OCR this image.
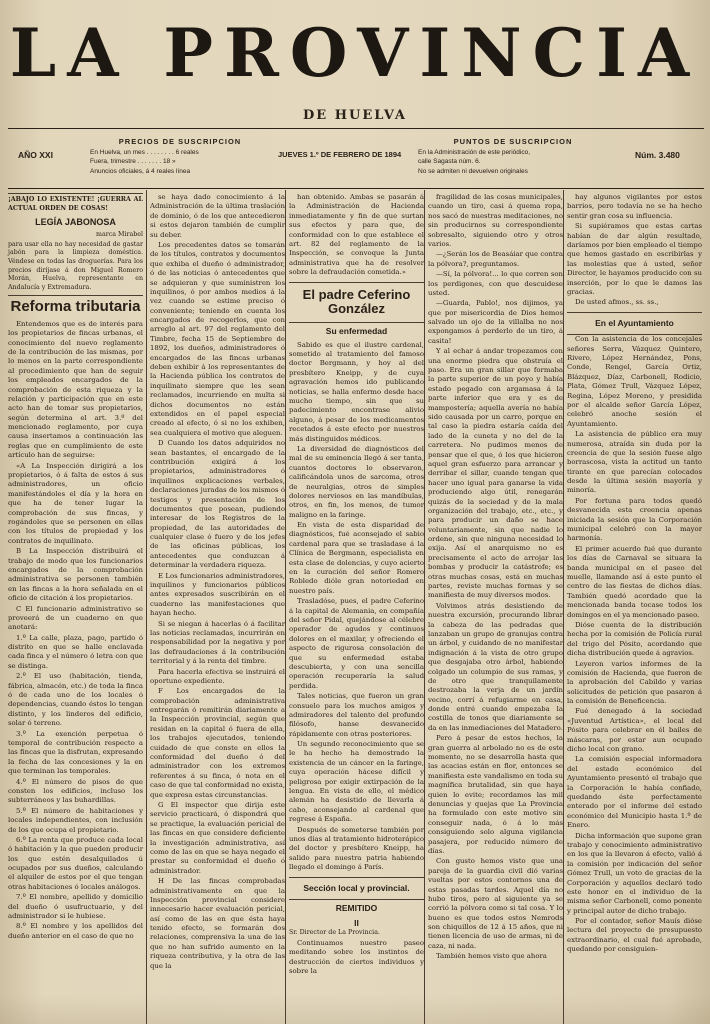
LA PROVINCIA
DE HUELVA
AÑO XXI
PRECIOS DE SUSCRIPCION
En Huelva, un mes . . . . . . . . 6 reales
Fuera, trimestre . . . . . . . 18 »
Anuncios oficiales, á 4 reales línea
JUEVES 1.º DE FEBRERO DE 1894
PUNTOS DE SUSCRIPCION
En la Administración de este periódico,
calle Sagasta núm. 6.
No se admiten ni devuelven originales
Núm. 3.480

¡ABAJO LO EXISTENTE! ¡GUERRA AL ACTUAL ORDEN DE COSAS!

LEGÍA JABONOSA

marca Mirabel

para usar ella no hay necesidad de gastar jabón para la limpieza doméstica. Véndese en todas las droguerías. Para los precios diríjase á don Miguel Romero Morán, Huelva, representante en Andalucía y Extremadura.

Reforma tributaria

Entendemos que es de interés para los propietarios de fincas urbanas, el conocimiento del nuevo reglamento de la contribución de las mismas, por lo menos en la parte correspondiente al procedimiento que han de seguir los empleados encargados de la comprobación de esta riqueza y la relación y participación que en este acto han de tomar sus propietarios, según determina el art. 3.º del mencionado reglamento, por cuya causa insertamos a continuación las reglas que en cumplimiento de este artículo han de seguirse:

«A La Inspección dirigirá a los propietarios, ó á falta de estos á sus administradores, un oficio manifestándoles el día y la hora en que ha de tener lugar la comprobación de sus fincas, y rogándoles que se personen en ellas con los títulos de propiedad y los contratos de inquilinato.

B La Inspección distribuirá el trabajo de modo que los funcionarios encargados de la comprobación administrativa se personen también en las fincas a la hora señalada en el oficio de citación á los propietarios.

C El funcionario administrativo se proveerá de un cuaderno en que anotará:

1.º La calle, plaza, pago, partido ó distrito en que se halle enclavada cada finca y el número ó letra con que se distinga.

2.º El uso (habitación, tienda, fábrica, almacén, etc.) de toda la finca ó de cada uno de los locales ó dependencias, cuando éstos lo tengan distinto, y los linderos del edificio, solar ó terreno.

3.º La exención perpetua ó temporal de contribución respecto a las fincas que la disfrutan, expresando la fecha de las concesiones y la en que terminan las temporales.

4.º El número de pisos de que consten los edificios, incluso los subterráneos y las buhardillas.

5.º El número de habitaciones y locales independientes, con inclusión de los que ocupa el propietario.

6.º La renta que produce cada local ó habitación y la que pueden producir los que estén desalquilados ú ocupados por sus dueños, calculando el alquiler de estos por el que tengan otras habitaciones ó locales análogos.

7.º El nombre, apellido y domicilio del dueño ó usufructuario, y del administrador si le hubiese.

8.º El nombre y los apellidos del dueño anterior en el caso de que no

se haya dado conocimiento á la Administración de la última traslación de dominio, ó de los que antecedieron si estos dejaron también de cumplir su deber.

Los precedentes datos se tomarán de los títulos, contratos y documentos que exhiba el dueño ó administrador, ó de las noticias ó antecedentes que se adquieran y que suministren los inquilinos, ó por ambos medios á la vez cuando se estime preciso ó conveniente; teniendo en cuenta los encargados de recogerlos, que con arreglo al art. 97 del reglamento del Timbre, fecha 15 de Septiembre de 1892, los dueños, administradores ó encargados de las fincas urbanas deben exhibir á los representantes de la Hacienda pública los contratos de inquilinato siempre que les sean reclamados, incurriendo en multa si dichos documentos no están extendidos en el papel especial creado al efecto, ó si no los exhiben, sea cualquiera el motivo que aleguen.

D Cuando los datos adquiridos no sean bastantes, el encargado de la contribución exigirá á los propietarios, administradores ó inquilinos explicaciones verbales, declaraciones juradas de los mismos ó testigos y presentación de los documentos que posean, pudiendo interesar de los Registros de la propiedad, de las autoridades de cualquier clase ó fuero y de los jefes de las oficinas públicas, los antecedentes que conduzcan á determinar la verdadera riqueza.

E Los funcionarios administradores, inquilinos y funcionarios públicos antes expresados suscribirán en el cuaderno las manifestaciones que hayan hecho.

Si se niegan á hacerlas ó á facilitar las noticias reclamadas, incurrirán en responsabilidad por la negativa y por las defraudaciones á la contribución territorial y á la renta del timbre.

Para hacerla efectiva se instruirá el oportuno expediente.

F Los encargados de la comprobación administrativa entregarán ó remitirán diariamente a la Inspección provincial, según que residan en la capital ó fuera de ella, los trabajos ejecutados, teniendo cuidado de que conste en ellos la conformidad del dueño ó del administrador con los extremos referentes á su finca, ó nota en el caso de que tal conformidad no exista, que expresa estas circunstancias.

G El inspector que dirija este servicio practicará, ó dispondrá que se practique, la evaluación pericial de las fincas en que considere deficiente la investigación administrativa, así como de las en que se haya negado el prestar su conformidad el dueño ó administrador.

H De las fincas comprobadas administrativamente en que la Inspección provincial considere innecesario hacer evaluación pericial, así como de las en que ésta haya tenido efecto, se formarán dos relaciones, comprensiva la una de las que no han sufrido aumento en la riqueza contributiva, y la otra de las que la

han obtenido. Ambas se pasarán á la Administración de Hacienda inmediatamente y fin de que surtan sus efectos y para que, de conformidad con lo que establece el art. 82 del reglamento de la Inspección, se convoque la Junta administrativa que ha de resolver sobre la defraudación cometida.»

El padre Ceferino González
Su enfermedad

Sabido es que el ilustre cardenal, sometido al tratamiento del famoso doctor Bergmann, y hoy al del presbítero Kneipp, y de cuya agravación hemos ido publicando noticias, se halla enfermo desde hace mucho tiempo, sin que su padecimiento encontrase alivio alguno, á pesar de los medicamentos recetados á este efecto por nuestros más distinguidos médicos.

La diversidad de diagnósticos del mal de su eminencia llegó á ser tanta, cuantos doctores lo observaron, calificándola unos de sarcoma, otros de neuralgias, otros de simples dolores nerviosos en las mandíbulas, otros, en fin, los menos, de tumor maligno en la faringe.

En vista de esta disparidad de diagnósticos, fué aconsejado el sabio cardenal para que se trasladase á la Clínica de Bergmann, especialista en esta clase de dolencias, y cuyo acierto en la curación del señor Romero Robledo dióle gran notoriedad en nuestro país.

Trasladóse, pues, el padre Ceferino á la capital de Alemania, en compañía del señor Pidal, quejándose al célebre operador de agudos y continuos dolores en el maxilar, y ofreciendo el aspecto de rigurosa consolación de que su enfermedad estaba descubierta, y con una sencilla operación recuperaría la salud perdida.

Tales noticias, que fueron un gran consuelo para los muchos amigos y admiradores del talento del profundo filósofo, hanse desvanecido rápidamente con otras posteriores.

Un segundo reconocimiento que se le ha hecho ha demostrado la existencia de un cáncer en la faringe, cuya operación hácese difícil y peligrosa por exigir extirpación de la lengua. En vista de ello, el médico alemán ha desistido de llevarla á cabo, aconsejando al cardenal que regrese á España.

Después de someterse también por unos días al tratamiento hidroterápico del doctor y presbítero Kneipp, ha salido para nuestra patria habiendo llegado el domingo á París.

Sección local y provincial.
REMITIDO
II

Sr. Director de La Provincia.

Continuamos nuestro paseo meditando sobre los instintos de destrucción de ciertos individuos y sobre la

fragilidad de las cosas municipales, cuando un tiro, casi á quema ropa, nos sacó de nuestras meditaciones, no sin producirnos su correspondiente sobresalto, siguiendo otro y otros varios.

—¿Serán los de Beasáiar que contra la pólvora?, preguntamos.

—Sí, la pólvora!... lo que corren son los perdigones, con que descuidese usted.

—Guarda, Pablo!, nos dijimos, ya que por misericordia de Dios hemos salvado un ojo de la villalba no nos expongamos á perderlo de un tiro, á casita!

Y al echar á andar tropezamos con una enorme piedra que obstruía el paso. Era un gran sillar que formaba la parte superior de un poyo y había estado pegado con argamasa á la parte inferior que era y es de mampostería; aquella avería no había sido causada por un carro, porque en tal caso la piedra estaría caída del lado de la cuneta y no del de la carretera. No pudimos menos de pensar que el que, ó los que hicieron aquel gran esfuerzo para arrancar y derribar el sillar, cuando tengan que hacer uno igual para ganarse la vida produciendo algo útil, renegarán quizás de la sociedad y de la mala organización del trabajo, etc., etc., y para producir un daño se hace voluntariamente, sin que nadie lo ordene, sin que ninguna necesidad lo exija. Así el anarquismo no es precisamente el acto de arrojar las bombas y producir la catástrofe; es otras muchas cosas, está en muchas partes, reviste muchas formas y se manifiesta de muy diversos modos.

Volvimos atrás desistiendo de nuestra excursión, procurando librar la cabeza de las pedradas que lanzaban un grupo de granujas contra un árbol, y cuidando de no manifestar indignación á la vista de otro grupo que desgajaba otro árbol, habiendo colgado un columpio de sus ramas, y de otro que tranquilamente destrozaba la verja de un jardín vecino, corrí á refugiarme en casa, donde entré cuando empezaba la costilla de tonos que diariamente se da en las inmediaciones del Matadero.

Pero á pesar de estos hechos, la gran guerra al arbolado no es de este momento, no se desarrolla hasta que las acacias están en flor, entonces se manifiesta este vandalismo en toda su magnífica brutalidad, sin que haya quien lo evite; recordamos las mil denuncias y quejas que La Provincia ha formulado con este motivo sin conseguir nada, ó á lo más consiguiendo solo alguna vigilancia pasajera, por reducido número de días.

Con gusto hemos visto que una pareja de la guardia civil dió varias vueltas por estos contornos una de estas pasadas tardes. Aquel día no hubo tiros, pero al siguiente ya se corrió la pólvora como si tal cosa. Y lo bueno es que todos estos Nemrods son chiquillos de 12 á 15 años, que ni tienen licencia de uso de armas, ni de caza, ni nada.

También hemos visto que ahora

hay algunos vigilantes por estos barrios, pero todavía no se ha hecho sentir gran cosa su influencia.

Si supiéramos que estas cartas habían de dar algún resultado, daríamos por bien empleado el tiempo que hemos gastado en escribirlas y las molestias que á usted, señor Director, le hayamos producido con su inserción, por lo que le damos las gracias.

De usted afmos., ss. ss.,

En el Ayuntamiento

Con la asistencia de los concejales señores Serra, Vázquez Quintero, Rivero, López Hernández, Pons, Conde, Rengel, García Ortiz, Blázquez, Díaz, Carbonell, Rodicio, Plata, Gómez Trull, Vázquez López, Regina, López Moreno, y presidida por el alcalde señor García López, celebró anoche sesión el Ayuntamiento.

La asistencia de público era muy numerosa, atraída sin duda por la creencia de que la sesión fuese algo borrascosa, vista la actitud un tanto tirante en que parecían colocados desde la última sesión mayoría y minoría.

Por fortuna para todos quedó desvanecida esta creencia apenas iniciada la sesión que la Corporación municipal celebró con la mayor harmonía.

El primer acuerdo fué que durante los días de Carnaval se situara la banda municipal en el paseo del muelle, llamando así á este punto el centro de las fiestas de dichos días. También quedó acordado que la mencionada banda tocase todos los domingos en el ya mencionado paseo.

Dióse cuenta de la distribución hecha por la comisión de Policía rural del trigo del Pósito, acordando que dicha distribución quede á agravios.

Leyeron varios informes de la comisión de Hacienda, que fueron de la aprobación del Cabildo y varias solicitudes de petición que pasaron á la comisión de Beneficencia.

Fué denegado á la sociedad «Juventud Artística», el local del Pósito para celebrar en él bailes de máscaras, por estar aun ocupado dicho local con grano.

La comisión especial informadora del estado económico del Ayuntamiento presentó el trabajo que la Corporación le había confiado, quedando éste perfectamente enterado por el informe del estado económico del Municipio hasta 1.º de Enero.

Dicha información que supone gran trabajo y conocimiento administrativo en los que la llevaron á efecto, valió á la comisión por indicación del señor Gómez Trull, un voto de gracias de la Corporación y aquellos declaró todo este honor en el individuo de la misma señor Carbonell, como ponente y principal autor de dicho trabajo.

Por el contador, señor Mauís dióse lectura del proyecto de presupuesto extraordinario, el cual fué aprobado, quedando por consiguien-
